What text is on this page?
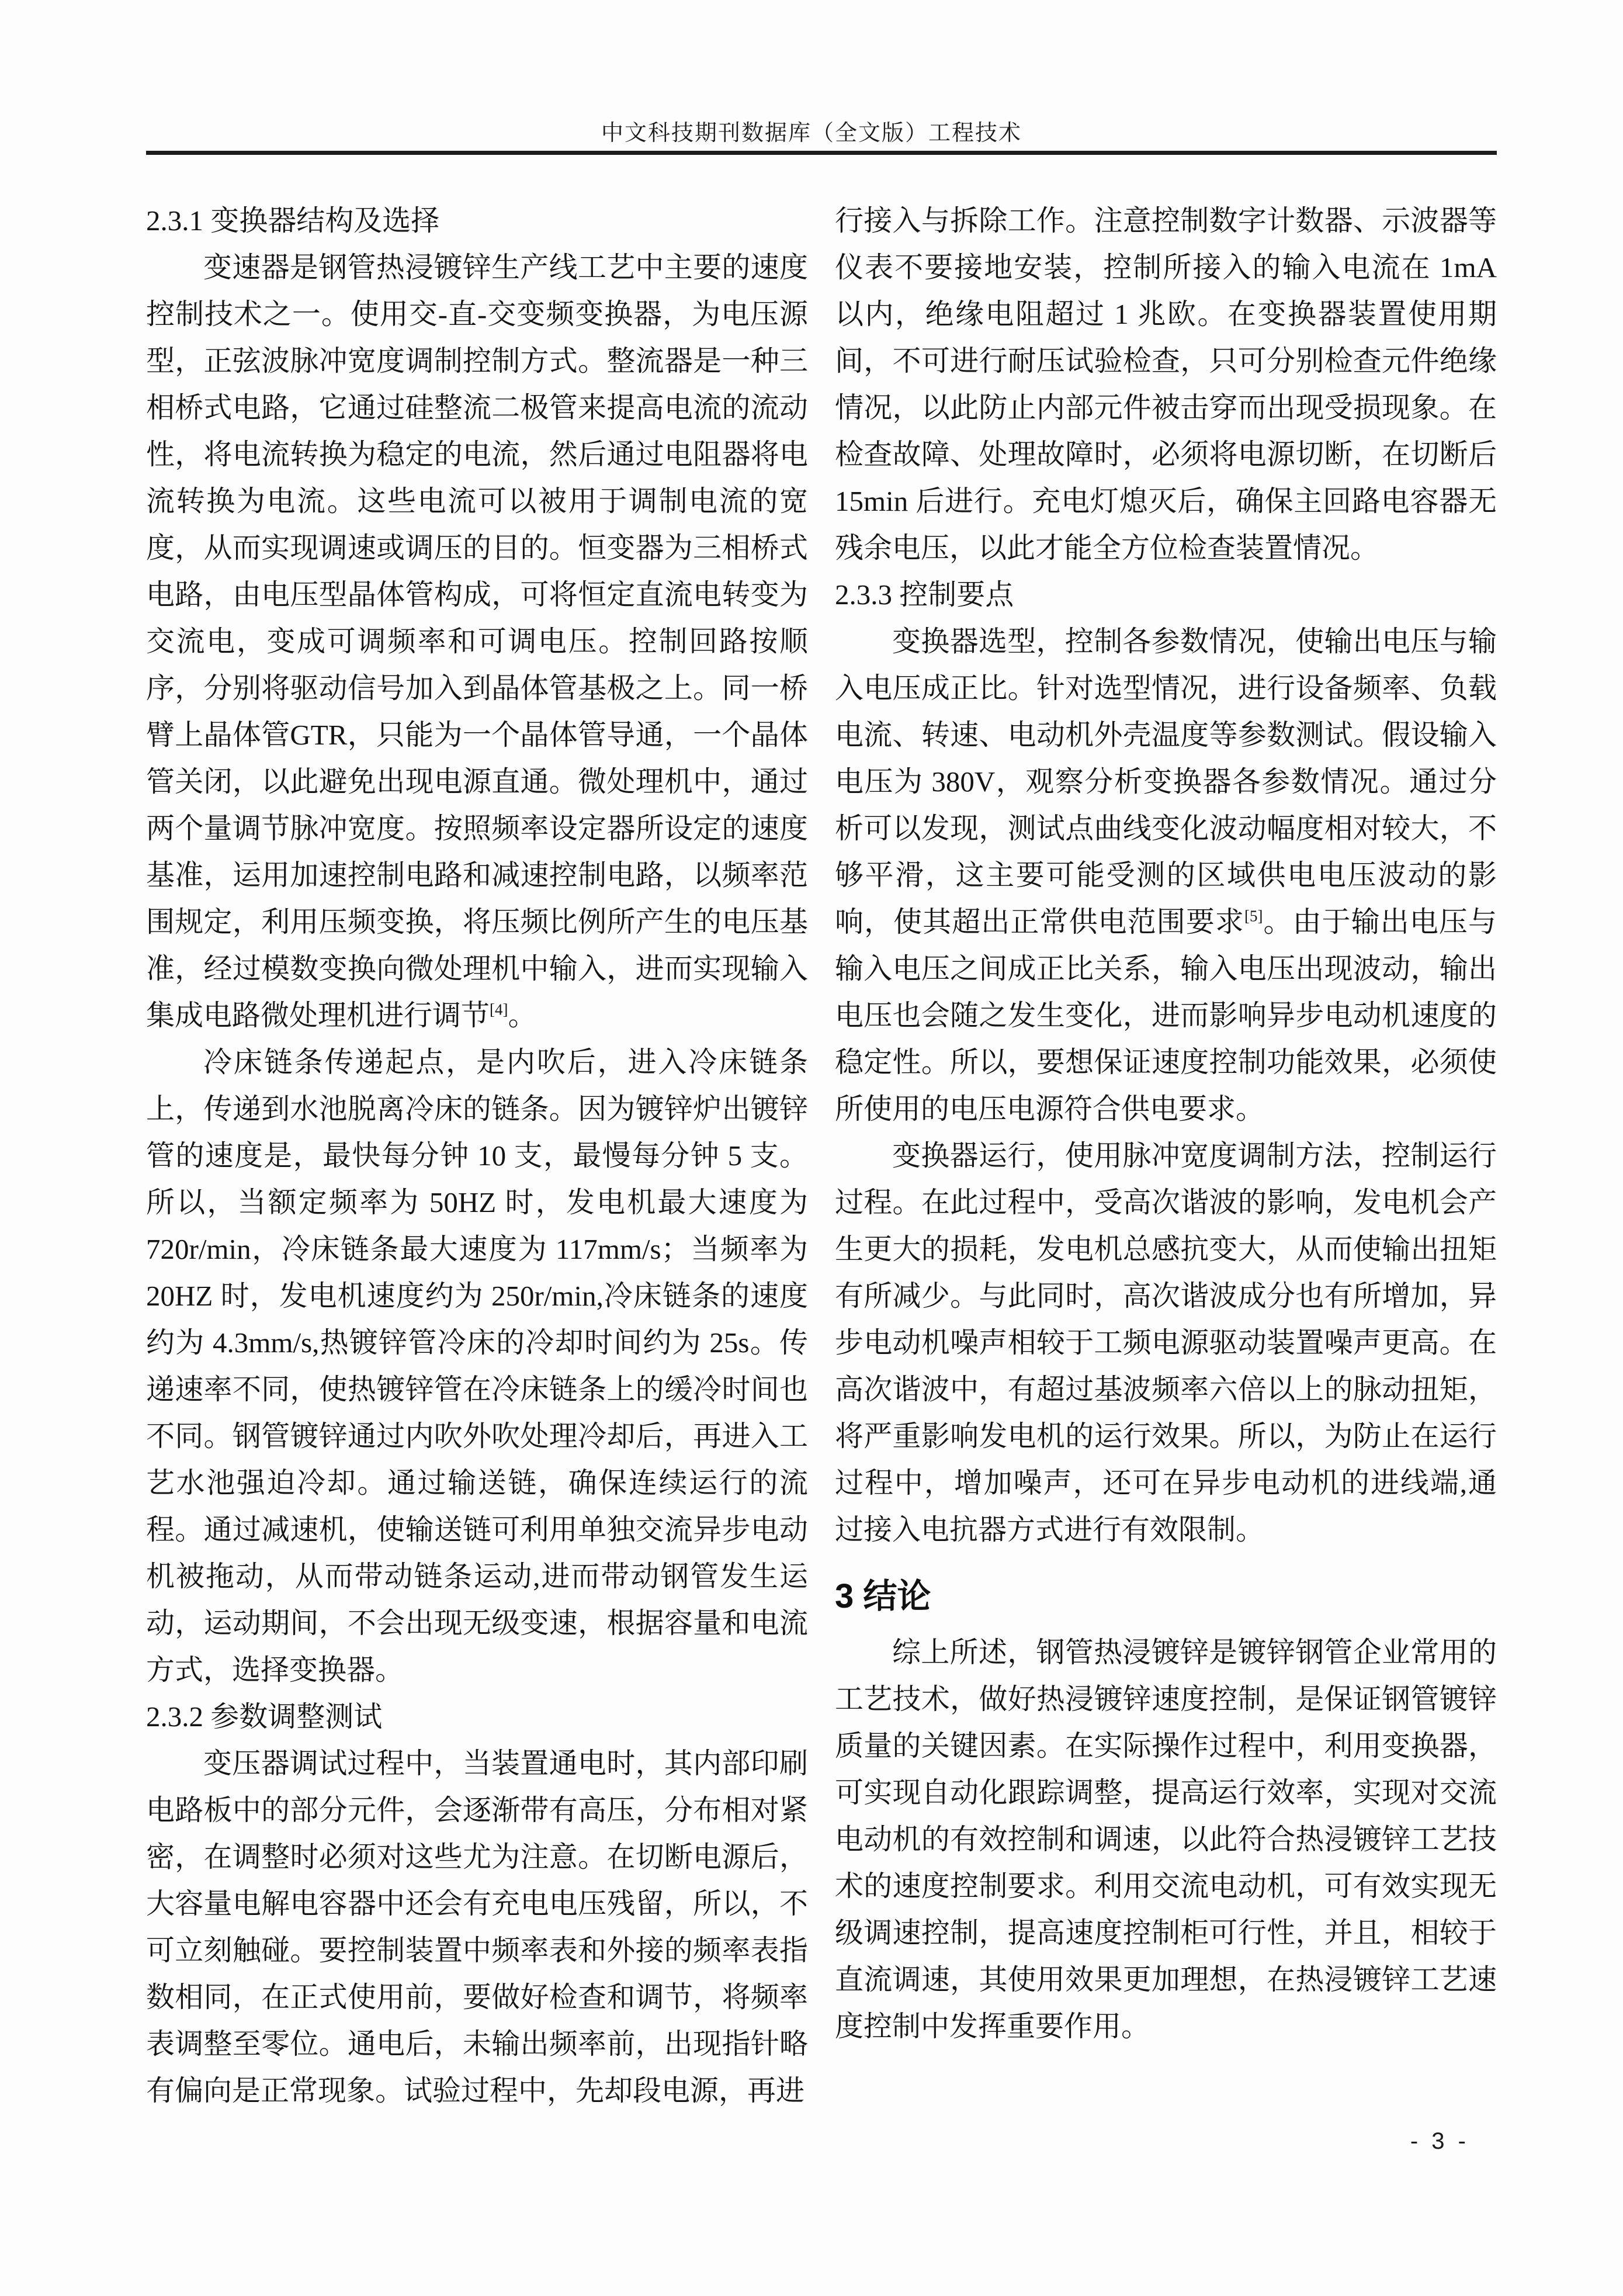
中文科技期刊数据库（全文版）工程技术

2.3.1 变换器结构及选择

变速器是钢管热浸镀锌生产线工艺中主要的速度控制技术之一。使用交-直-交变频变换器，为电压源型，正弦波脉冲宽度调制控制方式。整流器是一种三相桥式电路，它通过硅整流二极管来提高电流的流动性，将电流转换为稳定的电流，然后通过电阻器将电流转换为电流。这些电流可以被用于调制电流的宽度，从而实现调速或调压的目的。恒变器为三相桥式电路，由电压型晶体管构成，可将恒定直流电转变为交流电，变成可调频率和可调电压。控制回路按顺序，分别将驱动信号加入到晶体管基极之上。同一桥臂上晶体管GTR，只能为一个晶体管导通，一个晶体管关闭，以此避免出现电源直通。微处理机中，通过两个量调节脉冲宽度。按照频率设定器所设定的速度基准，运用加速控制电路和减速控制电路，以频率范围规定，利用压频变换，将压频比例所产生的电压基准，经过模数变换向微处理机中输入，进而实现输入集成电路微处理机进行调节[4]。

冷床链条传递起点，是内吹后，进入冷床链条上，传递到水池脱离冷床的链条。因为镀锌炉出镀锌管的速度是，最快每分钟 10 支，最慢每分钟 5 支。所以，当额定频率为 50HZ 时，发电机最大速度为 720r/min，冷床链条最大速度为 117mm/s；当频率为 20HZ 时，发电机速度约为 250r/min,冷床链条的速度约为 4.3mm/s,热镀锌管冷床的冷却时间约为 25s。传递速率不同，使热镀锌管在冷床链条上的缓冷时间也不同。钢管镀锌通过内吹外吹处理冷却后，再进入工艺水池强迫冷却。通过输送链，确保连续运行的流程。通过减速机，使输送链可利用单独交流异步电动机被拖动，从而带动链条运动,进而带动钢管发生运动，运动期间，不会出现无级变速，根据容量和电流方式，选择变换器。

2.3.2 参数调整测试

变压器调试过程中，当装置通电时，其内部印刷电路板中的部分元件，会逐渐带有高压，分布相对紧密，在调整时必须对这些尤为注意。在切断电源后，大容量电解电容器中还会有充电电压残留，所以，不可立刻触碰。要控制装置中频率表和外接的频率表指数相同，在正式使用前，要做好检查和调节，将频率表调整至零位。通电后，未输出频率前，出现指针略有偏向是正常现象。试验过程中，先却段电源，再进

行接入与拆除工作。注意控制数字计数器、示波器等仪表不要接地安装，控制所接入的输入电流在 1mA 以内，绝缘电阻超过 1 兆欧。在变换器装置使用期间，不可进行耐压试验检查，只可分别检查元件绝缘情况，以此防止内部元件被击穿而出现受损现象。在检查故障、处理故障时，必须将电源切断，在切断后 15min 后进行。充电灯熄灭后，确保主回路电容器无残余电压，以此才能全方位检查装置情况。

2.3.3 控制要点

变换器选型，控制各参数情况，使输出电压与输入电压成正比。针对选型情况，进行设备频率、负载电流、转速、电动机外壳温度等参数测试。假设输入电压为 380V，观察分析变换器各参数情况。通过分析可以发现，测试点曲线变化波动幅度相对较大，不够平滑，这主要可能受测的区域供电电压波动的影响，使其超出正常供电范围要求[5]。由于输出电压与输入电压之间成正比关系，输入电压出现波动，输出电压也会随之发生变化，进而影响异步电动机速度的稳定性。所以，要想保证速度控制功能效果，必须使所使用的电压电源符合供电要求。

变换器运行，使用脉冲宽度调制方法，控制运行过程。在此过程中，受高次谐波的影响，发电机会产生更大的损耗，发电机总感抗变大，从而使输出扭矩有所减少。与此同时，高次谐波成分也有所增加，异步电动机噪声相较于工频电源驱动装置噪声更高。在高次谐波中，有超过基波频率六倍以上的脉动扭矩，将严重影响发电机的运行效果。所以，为防止在运行过程中，增加噪声，还可在异步电动机的进线端,通过接入电抗器方式进行有效限制。

3 结论

综上所述，钢管热浸镀锌是镀锌钢管企业常用的工艺技术，做好热浸镀锌速度控制，是保证钢管镀锌质量的关键因素。在实际操作过程中，利用变换器，可实现自动化跟踪调整，提高运行效率，实现对交流电动机的有效控制和调速，以此符合热浸镀锌工艺技术的速度控制要求。利用交流电动机，可有效实现无级调速控制，提高速度控制柜可行性，并且，相较于直流调速，其使用效果更加理想，在热浸镀锌工艺速度控制中发挥重要作用。

- 3 -
